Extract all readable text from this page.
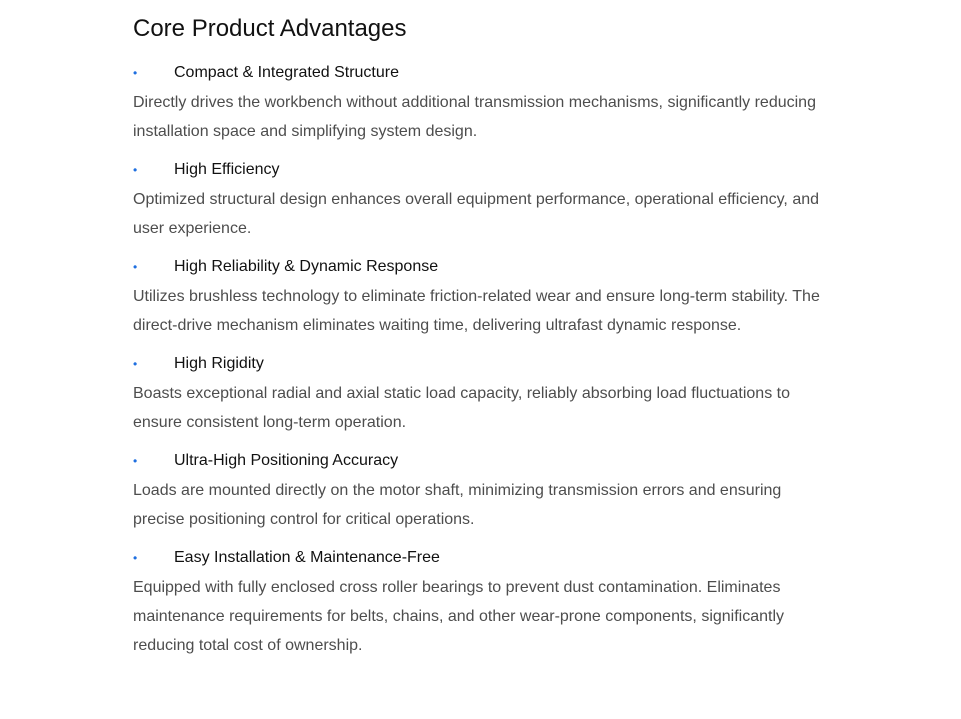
Core Product Advantages
•	Compact & Integrated Structure
Directly drives the workbench without additional transmission mechanisms, significantly reducing installation space and simplifying system design.
•	High Efficiency
Optimized structural design enhances overall equipment performance, operational efficiency, and user experience.
•	High Reliability & Dynamic Response
Utilizes brushless technology to eliminate friction-related wear and ensure long-term stability. The direct-drive mechanism eliminates waiting time, delivering ultrafast dynamic response.
•	High Rigidity
Boasts exceptional radial and axial static load capacity, reliably absorbing load fluctuations to ensure consistent long-term operation.
•	Ultra-High Positioning Accuracy
Loads are mounted directly on the motor shaft, minimizing transmission errors and ensuring precise positioning control for critical operations.
•	Easy Installation & Maintenance-Free
Equipped with fully enclosed cross roller bearings to prevent dust contamination. Eliminates maintenance requirements for belts, chains, and other wear-prone components, significantly reducing total cost of ownership.
